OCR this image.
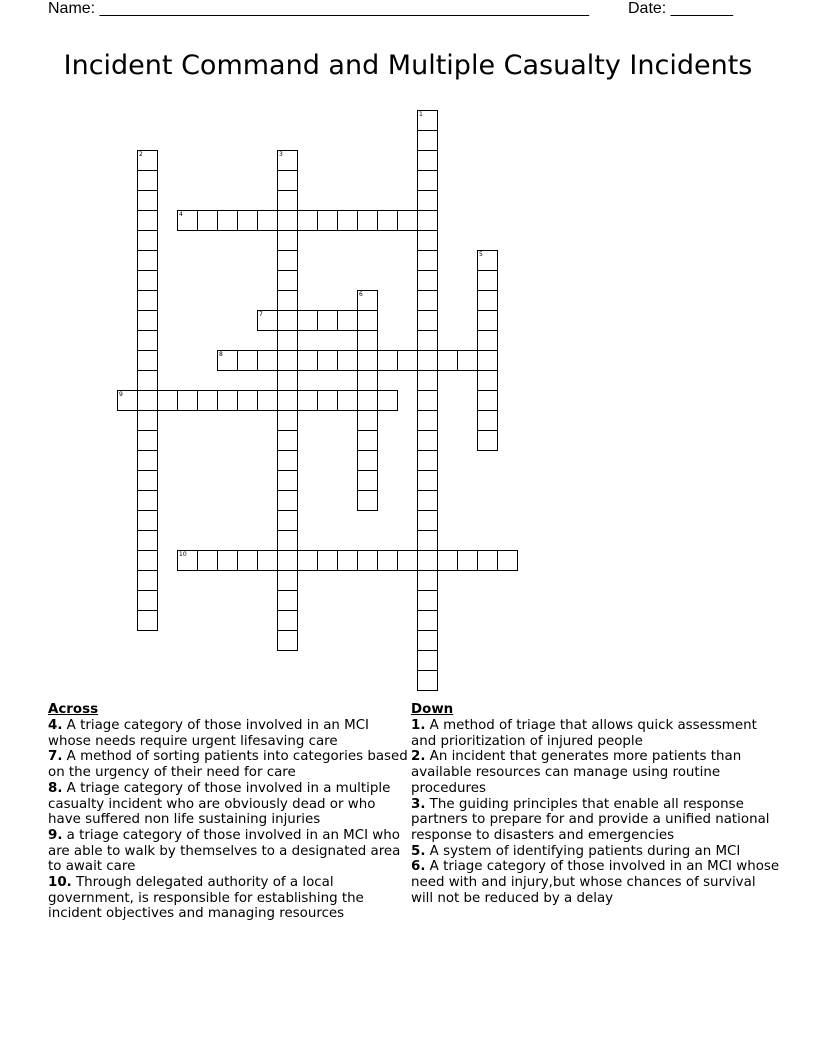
Name: _______________________________________________________ Date: _______
Incident Command and Multiple Casualty Incidents
1
2	3
4
5
6
7
8
9
10
Across

4. A triage category of those involved in an MCI whose needs require urgent lifesaving care

7. A method of sorting patients into categories based on the urgency of their need for care

8. A triage category of those involved in a multiple casualty incident who are obviously dead or who have suffered non life sustaining injuries

9. a triage category of those involved in an MCI who are able to walk by themselves to a designated area to await care

10. Through delegated authority of a local government, is responsible for establishing the incident objectives and managing resources

Down

1. A method of triage that allows quick assessment and prioritization of injured people

2. An incident that generates more patients than available resources can manage using routine procedures

3. The guiding principles that enable all response partners to prepare for and provide a unified national response to disasters and emergencies

5. A system of identifying patients during an MCI

6. A triage category of those involved in an MCI whose need with and injury,but whose chances of survival will not be reduced by a delay
